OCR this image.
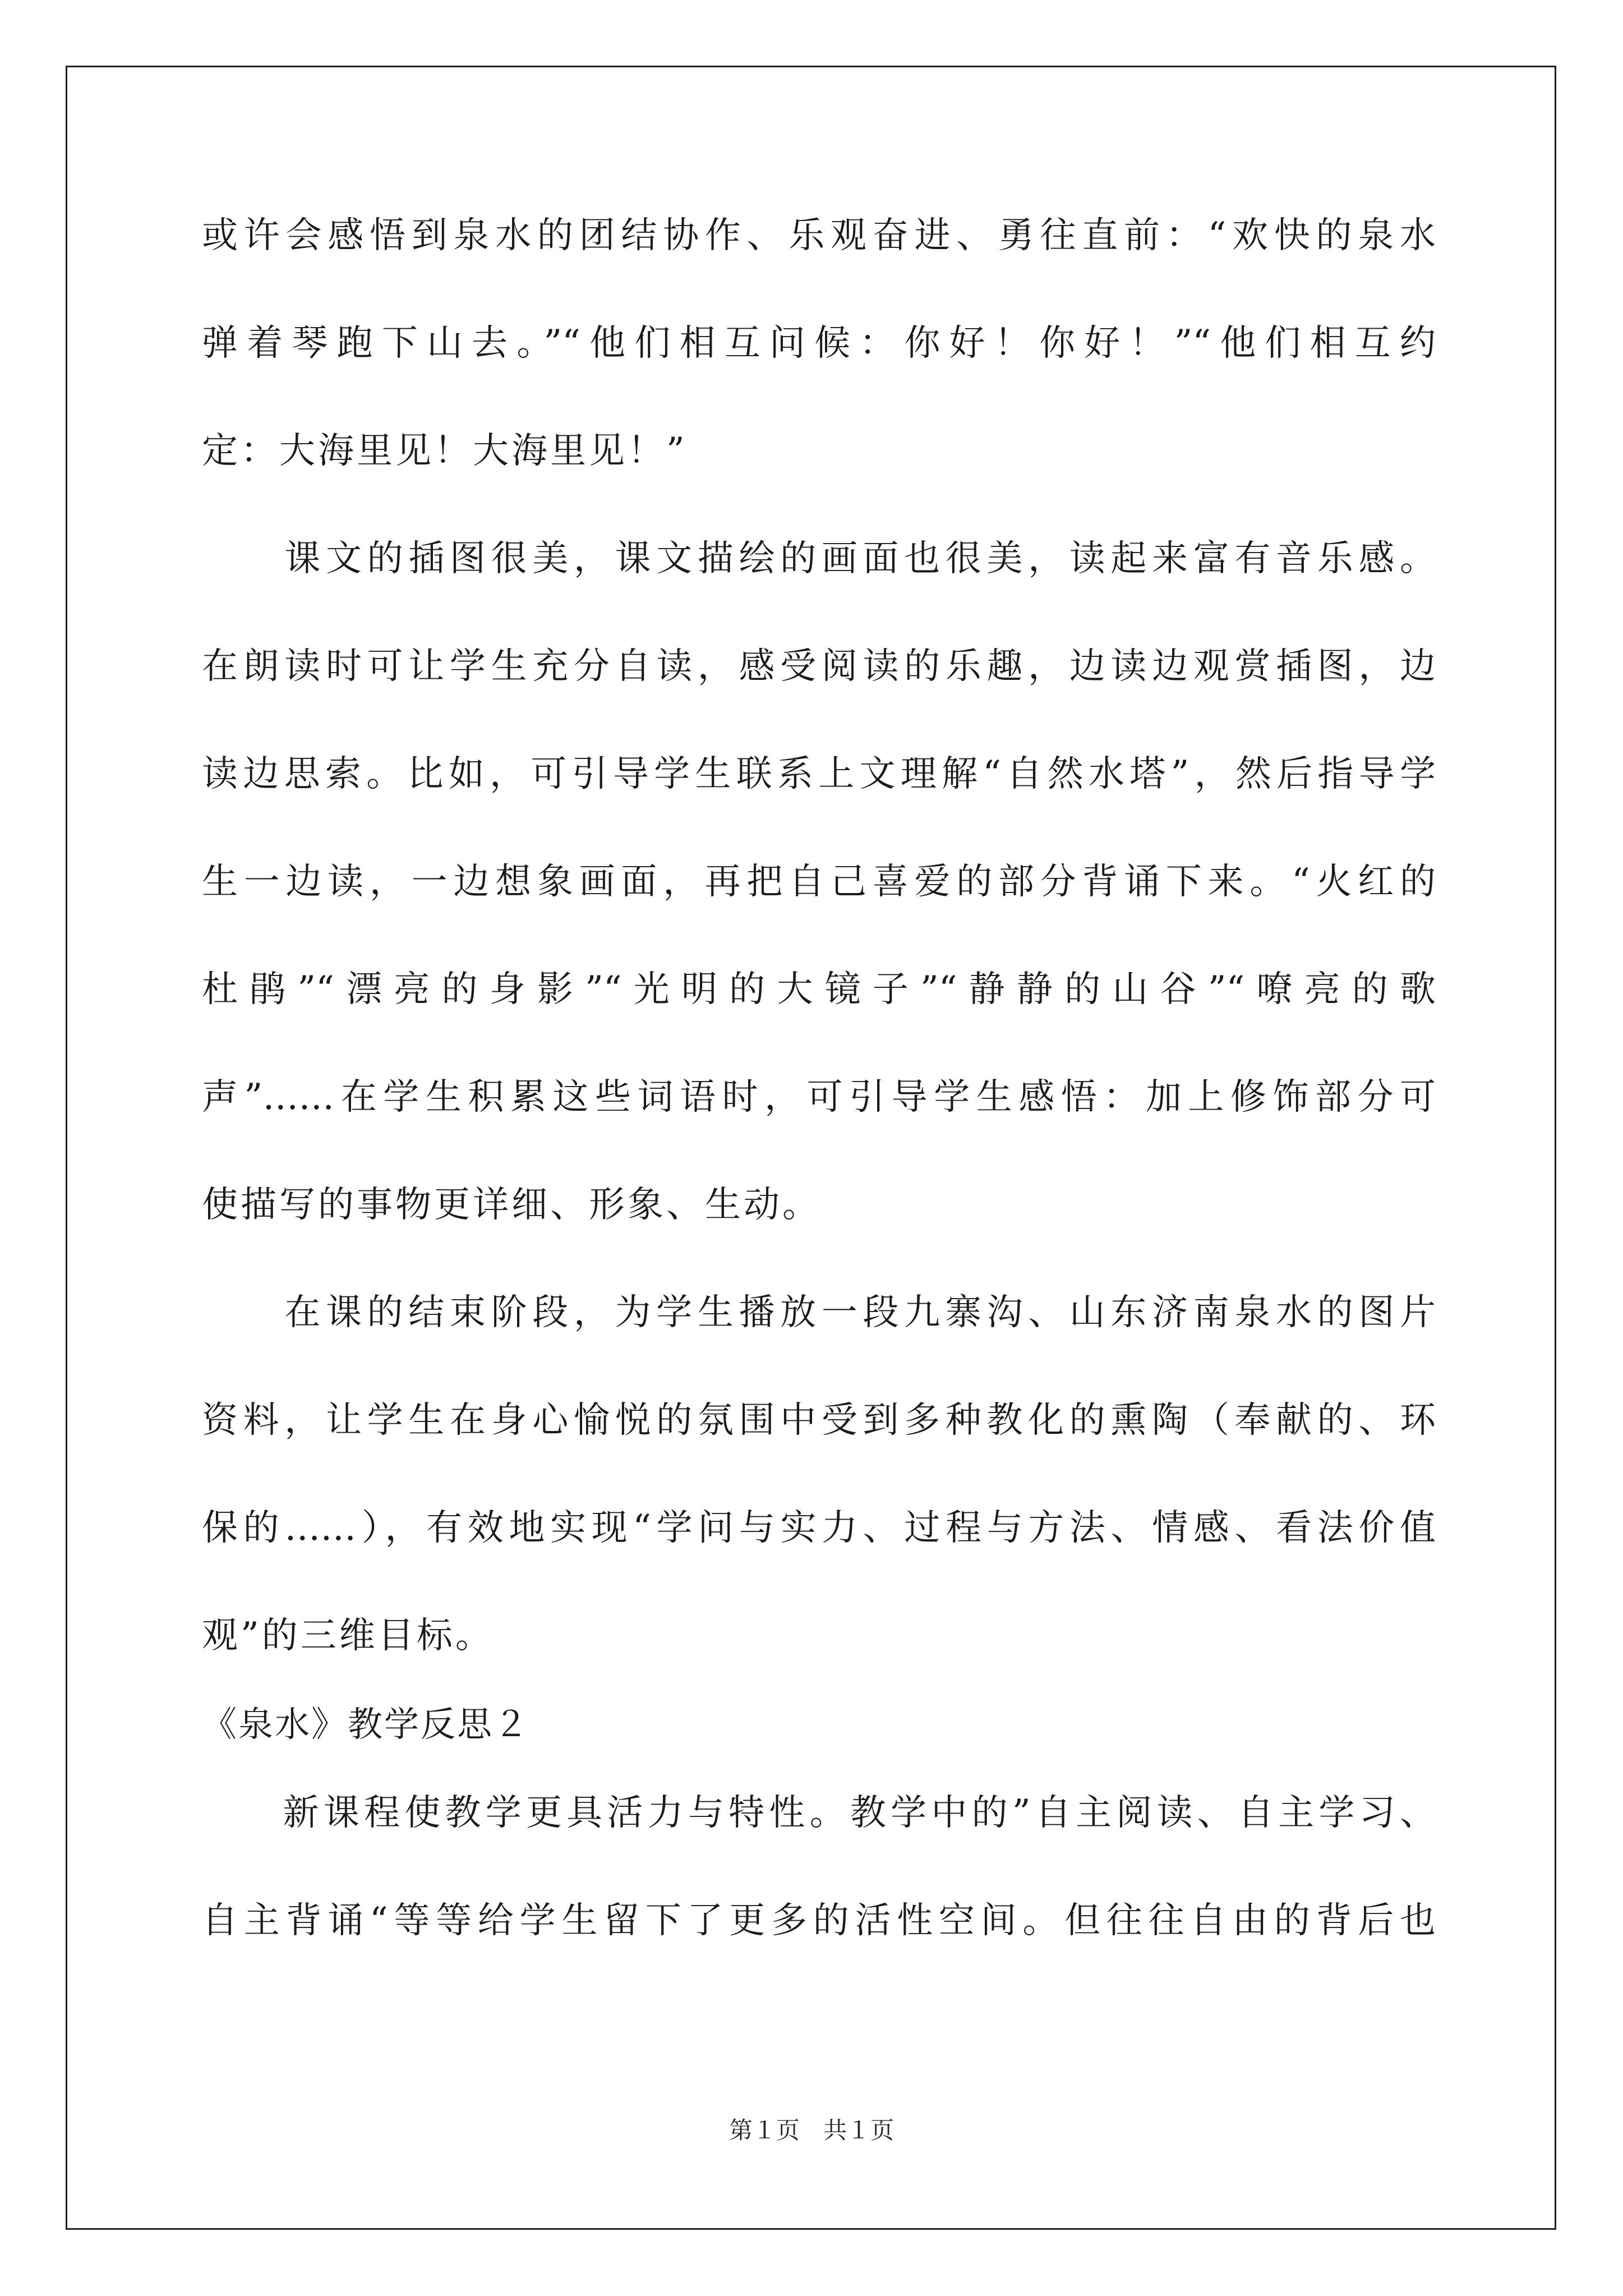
或许会感悟到泉水的团结协作、乐观奋进、勇往直前：“欢快的泉水
弹着琴跑下山去。”“他们相互问候：你好！你好！”“他们相互约
定：大海里见！大海里见！”
　　课文的插图很美，课文描绘的画面也很美，读起来富有音乐感。
在朗读时可让学生充分自读，感受阅读的乐趣，边读边观赏插图，边
读边思索。比如，可引导学生联系上文理解“自然水塔”，然后指导学
生一边读，一边想象画面，再把自己喜爱的部分背诵下来。“火红的
杜鹃”“漂亮的身影”“光明的大镜子”“静静的山谷”“嘹亮的歌
声”……在学生积累这些词语时，可引导学生感悟：加上修饰部分可
使描写的事物更详细、形象、生动。
　　在课的结束阶段，为学生播放一段九寨沟、山东济南泉水的图片
资料，让学生在身心愉悦的氛围中受到多种教化的熏陶（奉献的、环
保的……），有效地实现“学问与实力、过程与方法、情感、看法价值
观”的三维目标。
《泉水》教学反思２
　　新课程使教学更具活力与特性。教学中的”自主阅读、自主学习、
自主背诵“等等给学生留下了更多的活性空间。但往往自由的背后也
第１页　共１页
